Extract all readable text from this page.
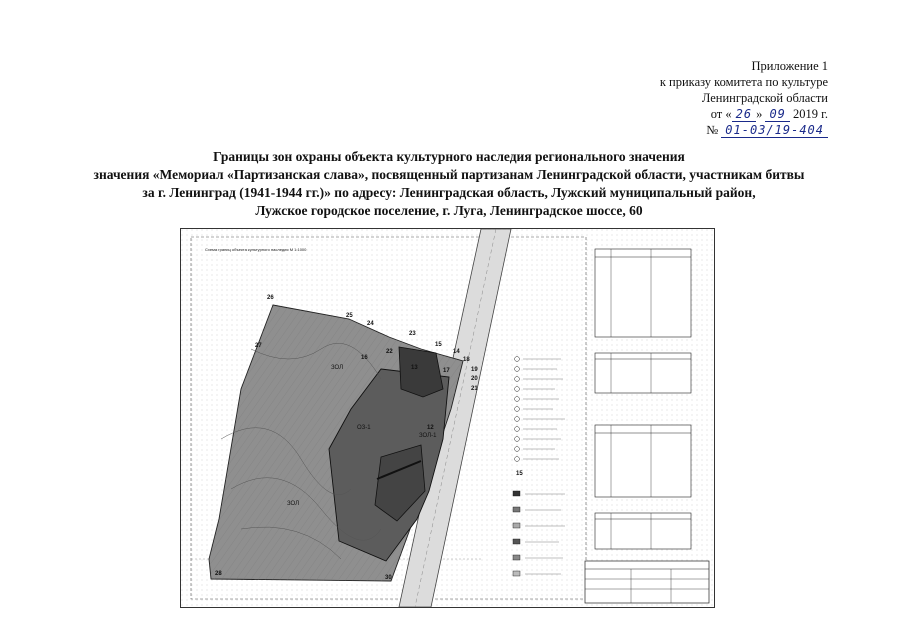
Приложение 1
к приказу комитета по культуре
Ленинградской области
от « 26 » 09 2019 г.
№ 01-03/19-404
Границы зон охраны объекта культурного наследия регионального значения
значения «Мемориал «Партизанская слава», посвященный партизанам Ленинградской области, участникам битвы
за г. Ленинград (1941-1944 гг.)» по адресу: Ленинградская область, Лужский муниципальный район,
Лужское городское поселение, г. Луга, Ленинградское шоссе, 60
Схема границ объекта культурного наследия М 1:1000
26
25
24
23
22
27
16
15
14
18
19
20
21
17
13
12
28
30
15
ЗОЛ
ЗОЛ
ОЗ-1
ЗОЛ-1
